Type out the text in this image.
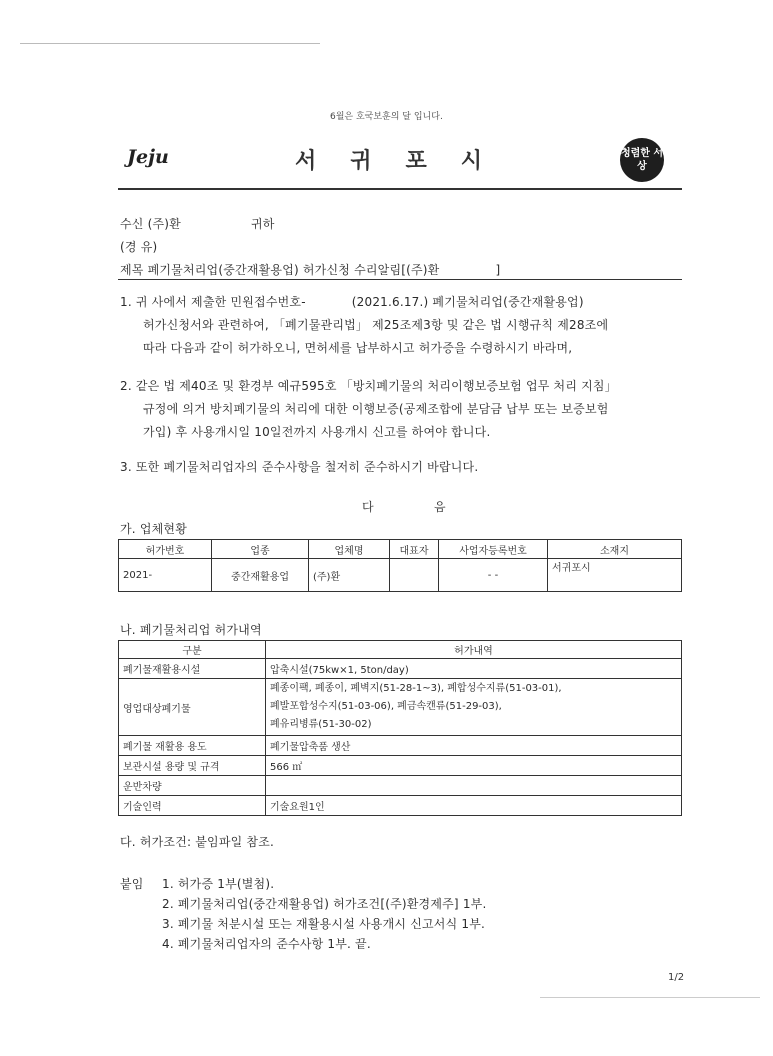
6월은 호국보훈의 달 입니다.
Jeju	서귀포시	청렴한 서상
수신 (주)환	귀하
(경 유)
제목 폐기물처리업(중간재활용업) 허가신청 수리알림[(주)환	]
1. 귀 사에서 제출한 민원접수번호-	(2021.6.17.) 폐기물처리업(중간재활용업)
허가신청서와 관련하여, 「폐기물관리법」 제25조제3항 및 같은 법 시행규칙 제28조에
따라 다음과 같이 허가하오니, 면허세를 납부하시고 허가증을 수령하시기 바라며,
2. 같은 법 제40조 및 환경부 예규595호 「방치폐기물의 처리이행보증보험 업무 처리 지침」
규정에 의거 방치폐기물의 처리에 대한 이행보증(공제조합에 분담금 납부 또는 보증보험
가입) 후 사용개시일 10일전까지 사용개시 신고를 하여야 합니다.
3. 또한 폐기물처리업자의 준수사항을 철저히 준수하시기 바랍니다.
다	음
가. 업체현황
허가번호	업종	업체명	대표자	사업자등록번호	소재지
2021-	중간재활용업	(주)환		- -	서귀포시
나. 폐기물처리업 허가내역
구분	허가내역
폐기물재활용시설	압축시설(75kw×1, 5ton/day)
영업대상폐기물	폐종이팩, 폐종이, 폐벽지(51-28-1~3), 폐합성수지류(51-03-01),
폐발포합성수지(51-03-06), 폐금속캔류(51-29-03),
폐유리병류(51-30-02)

폐기물 재활용 용도	폐기물압축품 생산
보관시설 용량 및 규격	566 ㎡
운반차량	
기술인력	기술요원1인
다. 허가조건: 붙임파일 참조.
붙임 1. 허가증 1부(별첨).
2. 폐기물처리업(중간재활용업) 허가조건[(주)환경제주] 1부.
3. 폐기물 처분시설 또는 재활용시설 사용개시 신고서식 1부.
4. 폐기물처리업자의 준수사항 1부. 끝.
1/2
